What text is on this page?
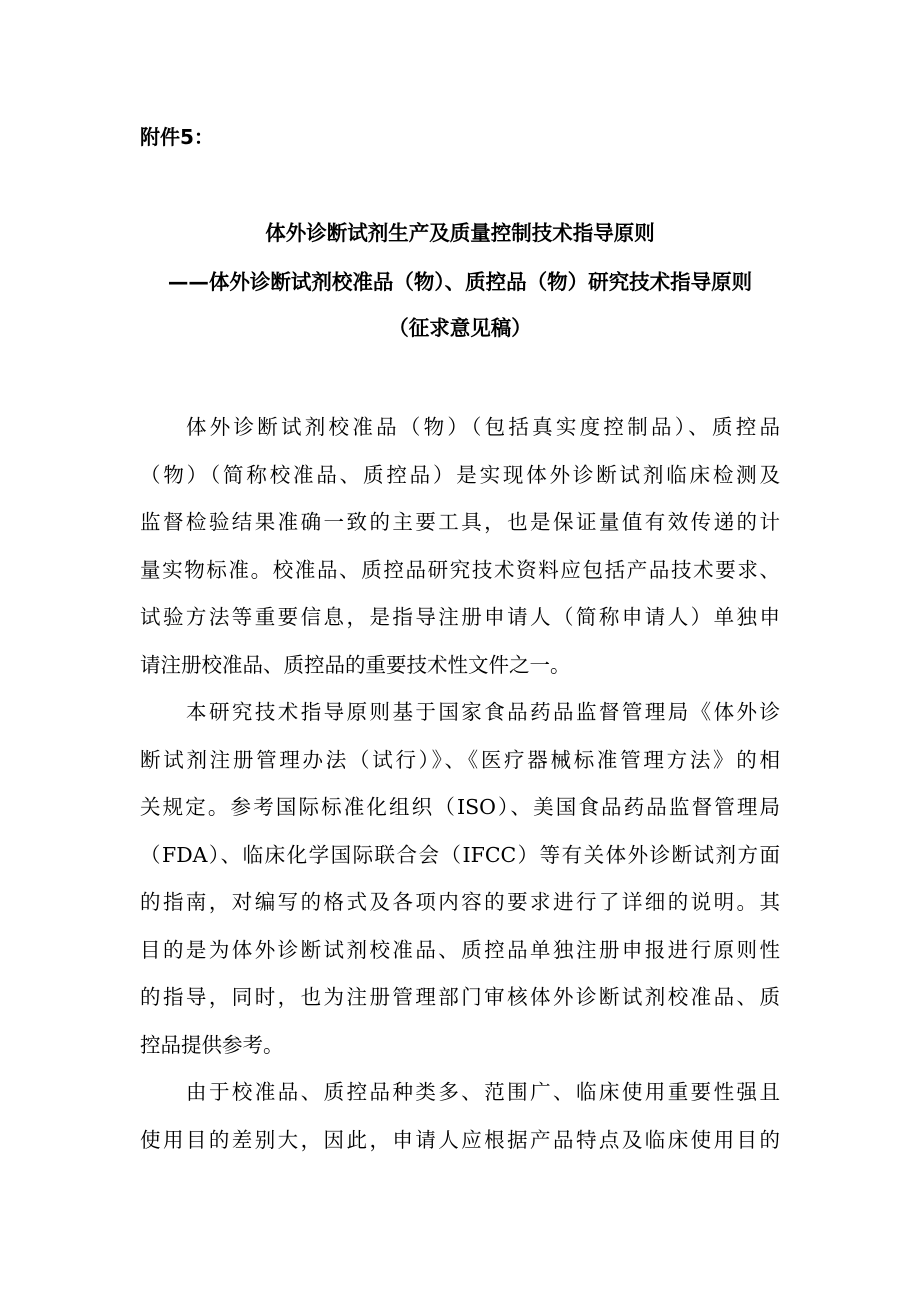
附件5：
体外诊断试剂生产及质量控制技术指导原则
——体外诊断试剂校准品（物）、质控品（物）研究技术指导原则
（征求意见稿）
体外诊断试剂校准品（物）（包括真实度控制品）、质控品
（物）（简称校准品、质控品）是实现体外诊断试剂临床检测及
监督检验结果准确一致的主要工具，也是保证量值有效传递的计
量实物标准。校准品、质控品研究技术资料应包括产品技术要求、
试验方法等重要信息，是指导注册申请人（简称申请人）单独申
请注册校准品、质控品的重要技术性文件之一。
本研究技术指导原则基于国家食品药品监督管理局《体外诊
断试剂注册管理办法（试行）》、《医疗器械标准管理方法》的相
关规定。参考国际标准化组织（ISO）、美国食品药品监督管理局
（FDA）、临床化学国际联合会（IFCC）等有关体外诊断试剂方面
的指南，对编写的格式及各项内容的要求进行了详细的说明。其
目的是为体外诊断试剂校准品、质控品单独注册申报进行原则性
的指导，同时，也为注册管理部门审核体外诊断试剂校准品、质
控品提供参考。
由于校准品、质控品种类多、范围广、临床使用重要性强且
使用目的差别大，因此，申请人应根据产品特点及临床使用目的
